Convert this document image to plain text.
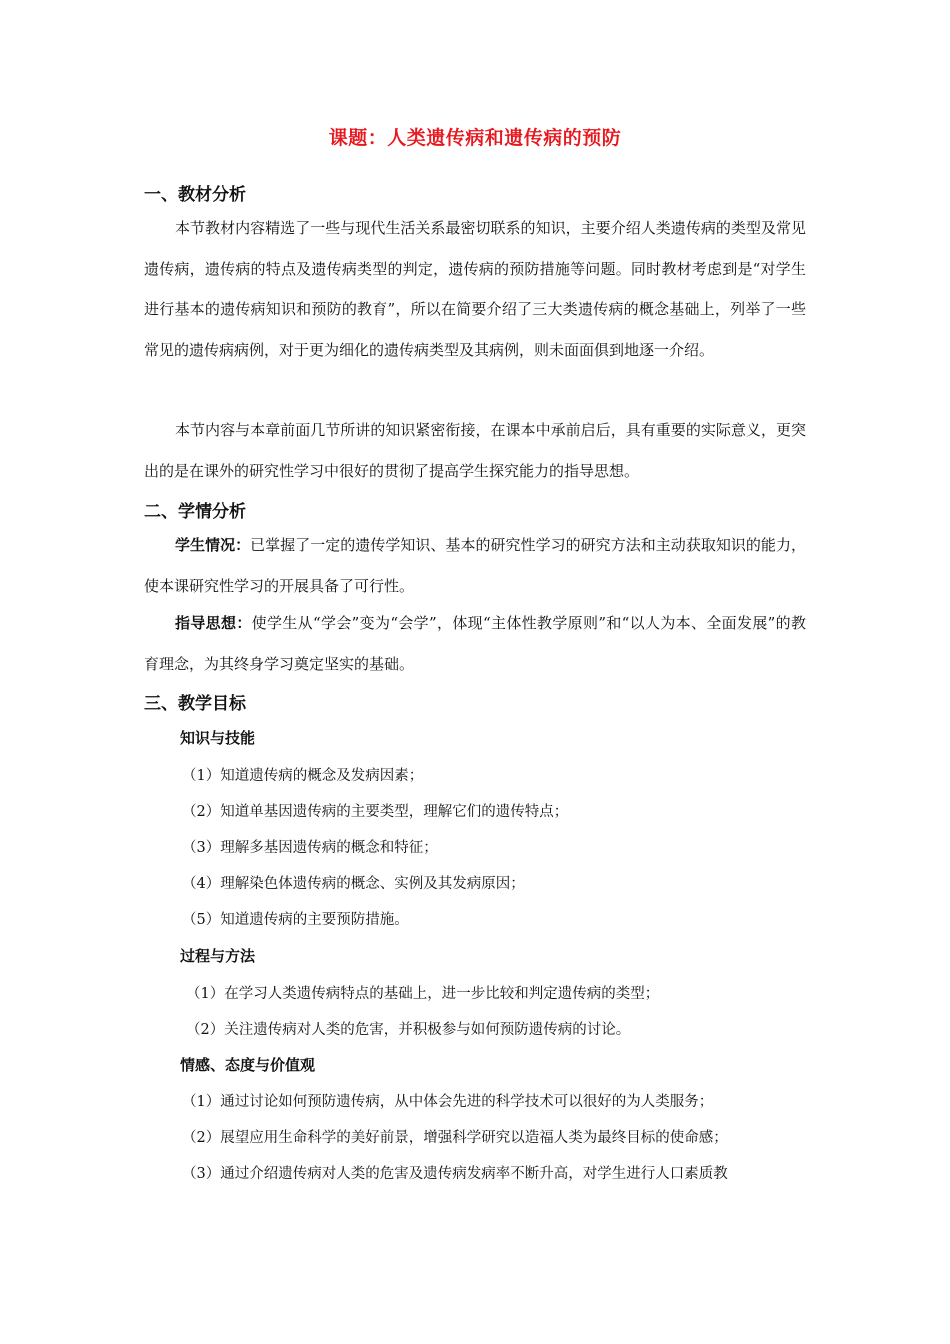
课题：人类遗传病和遗传病的预防
一、教材分析

本节教材内容精选了一些与现代生活关系最密切联系的知识，主要介绍人类遗传病的类型及常见遗传病，遗传病的特点及遗传病类型的判定，遗传病的预防措施等问题。同时教材考虑到是“对学生进行基本的遗传病知识和预防的教育”，所以在简要介绍了三大类遗传病的概念基础上，列举了一些常见的遗传病病例，对于更为细化的遗传病类型及其病例，则未面面俱到地逐一介绍。

本节内容与本章前面几节所讲的知识紧密衔接，在课本中承前启后，具有重要的实际意义，更突出的是在课外的研究性学习中很好的贯彻了提高学生探究能力的指导思想。

二、学情分析

学生情况：已掌握了一定的遗传学知识、基本的研究性学习的研究方法和主动获取知识的能力，使本课研究性学习的开展具备了可行性。

指导思想：使学生从“学会”变为“会学”，体现“主体性教学原则”和“以人为本、全面发展”的教育理念，为其终身学习奠定坚实的基础。

三、教学目标
知识与技能
（1）知道遗传病的概念及发病因素；
（2）知道单基因遗传病的主要类型，理解它们的遗传特点；
（3）理解多基因遗传病的概念和特征；
（4）理解染色体遗传病的概念、实例及其发病原因；
（5）知道遗传病的主要预防措施。
过程与方法
（1）在学习人类遗传病特点的基础上，进一步比较和判定遗传病的类型；
（2）关注遗传病对人类的危害，并积极参与如何预防遗传病的讨论。
情感、态度与价值观
（1）通过讨论如何预防遗传病，从中体会先进的科学技术可以很好的为人类服务；
（2）展望应用生命科学的美好前景，增强科学研究以造福人类为最终目标的使命感；
（3）通过介绍遗传病对人类的危害及遗传病发病率不断升高，对学生进行人口素质教
